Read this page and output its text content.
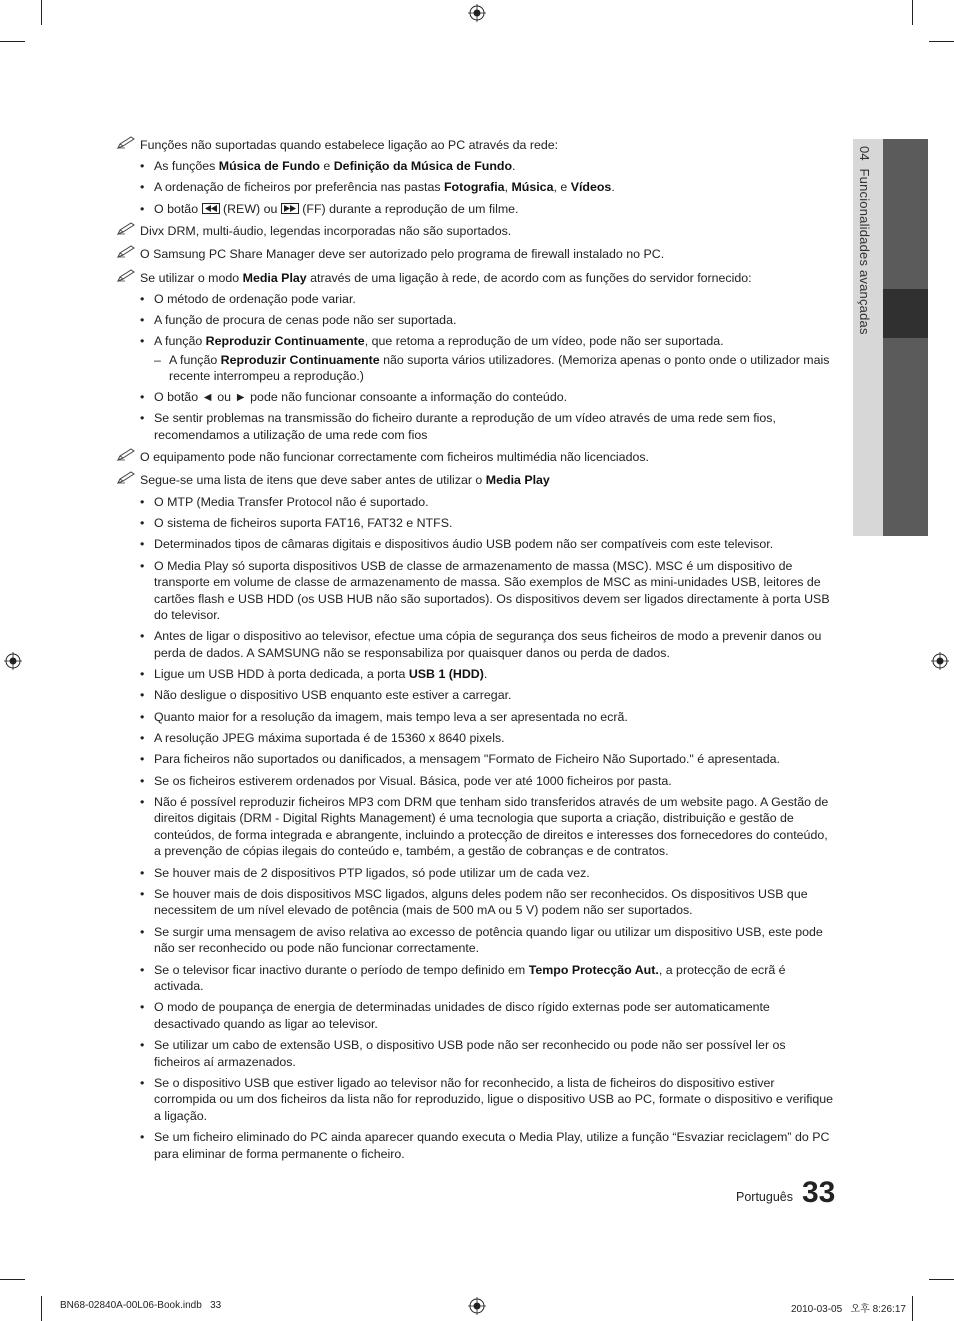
04  Funcionalidades avançadas
Funções não suportadas quando estabelece ligação ao PC através da rede:
• As funções Música de Fundo e Definição da Música de Fundo.
• A ordenação de ficheiros por preferência nas pastas Fotografia, Música, e Vídeos.
• O botão  (REW) ou  (FF) durante a reprodução de um filme.
Divx DRM, multi-áudio, legendas incorporadas não são suportados.
O Samsung PC Share Manager deve ser autorizado pelo programa de firewall instalado no PC.
Se utilizar o modo Media Play através de uma ligação à rede, de acordo com as funções do servidor fornecido:
• O método de ordenação pode variar.
• A função de procura de cenas pode não ser suportada.
• A função Reproduzir Continuamente, que retoma a reprodução de um vídeo, pode não ser suportada.
– A função Reproduzir Continuamente não suporta vários utilizadores. (Memoriza apenas o ponto onde o utilizador mais recente interrompeu a reprodução.)
• O botão ◄ ou ► pode não funcionar consoante a informação do conteúdo.
• Se sentir problemas na transmissão do ficheiro durante a reprodução de um vídeo através de uma rede sem fios, recomendamos a utilização de uma rede com fios
O equipamento pode não funcionar correctamente com ficheiros multimédia não licenciados.
Segue-se uma lista de itens que deve saber antes de utilizar o Media Play
• O MTP (Media Transfer Protocol não é suportado.
• O sistema de ficheiros suporta FAT16, FAT32 e NTFS.
• Determinados tipos de câmaras digitais e dispositivos áudio USB podem não ser compatíveis com este televisor.
• O Media Play só suporta dispositivos USB de classe de armazenamento de massa (MSC). MSC é um dispositivo de transporte em volume de classe de armazenamento de massa. São exemplos de MSC as mini-unidades USB, leitores de cartões flash e USB HDD (os USB HUB não são suportados). Os dispositivos devem ser ligados directamente à porta USB do televisor.
• Antes de ligar o dispositivo ao televisor, efectue uma cópia de segurança dos seus ficheiros de modo a prevenir danos ou perda de dados. A SAMSUNG não se responsabiliza por quaisquer danos ou perda de dados.
• Ligue um USB HDD à porta dedicada, a porta USB 1 (HDD).
• Não desligue o dispositivo USB enquanto este estiver a carregar.
• Quanto maior for a resolução da imagem, mais tempo leva a ser apresentada no ecrã.
• A resolução JPEG máxima suportada é de 15360 x 8640 pixels.
• Para ficheiros não suportados ou danificados, a mensagem "Formato de Ficheiro Não Suportado." é apresentada.
• Se os ficheiros estiverem ordenados por Visual. Básica, pode ver até 1000 ficheiros por pasta.
• Não é possível reproduzir ficheiros MP3 com DRM que tenham sido transferidos através de um website pago. A Gestão de direitos digitais (DRM - Digital Rights Management) é uma tecnologia que suporta a criação, distribuição e gestão de conteúdos, de forma integrada e abrangente, incluindo a protecção de direitos e interesses dos fornecedores do conteúdo, a prevenção de cópias ilegais do conteúdo e, também, a gestão de cobranças e de contratos.
• Se houver mais de 2 dispositivos PTP ligados, só pode utilizar um de cada vez.
• Se houver mais de dois dispositivos MSC ligados, alguns deles podem não ser reconhecidos. Os dispositivos USB que necessitem de um nível elevado de potência (mais de 500 mA ou 5 V) podem não ser suportados.
• Se surgir uma mensagem de aviso relativa ao excesso de potência quando ligar ou utilizar um dispositivo USB, este pode não ser reconhecido ou pode não funcionar correctamente.
• Se o televisor ficar inactivo durante o período de tempo definido em Tempo Protecção Aut., a protecção de ecrã é activada.
• O modo de poupança de energia de determinadas unidades de disco rígido externas pode ser automaticamente desactivado quando as ligar ao televisor.
• Se utilizar um cabo de extensão USB, o dispositivo USB pode não ser reconhecido ou pode não ser possível ler os ficheiros aí armazenados.
• Se o dispositivo USB que estiver ligado ao televisor não for reconhecido, a lista de ficheiros do dispositivo estiver corrompida ou um dos ficheiros da lista não for reproduzido, ligue o dispositivo USB ao PC, formate o dispositivo e verifique a ligação.
• Se um ficheiro eliminado do PC ainda aparecer quando executa o Media Play, utilize a função “Esvaziar reciclagem” do PC para eliminar de forma permanente o ficheiro.
Português 33
BN68-02840A-00L06-Book.indb   33	2010-03-05   오후 8:26:17
